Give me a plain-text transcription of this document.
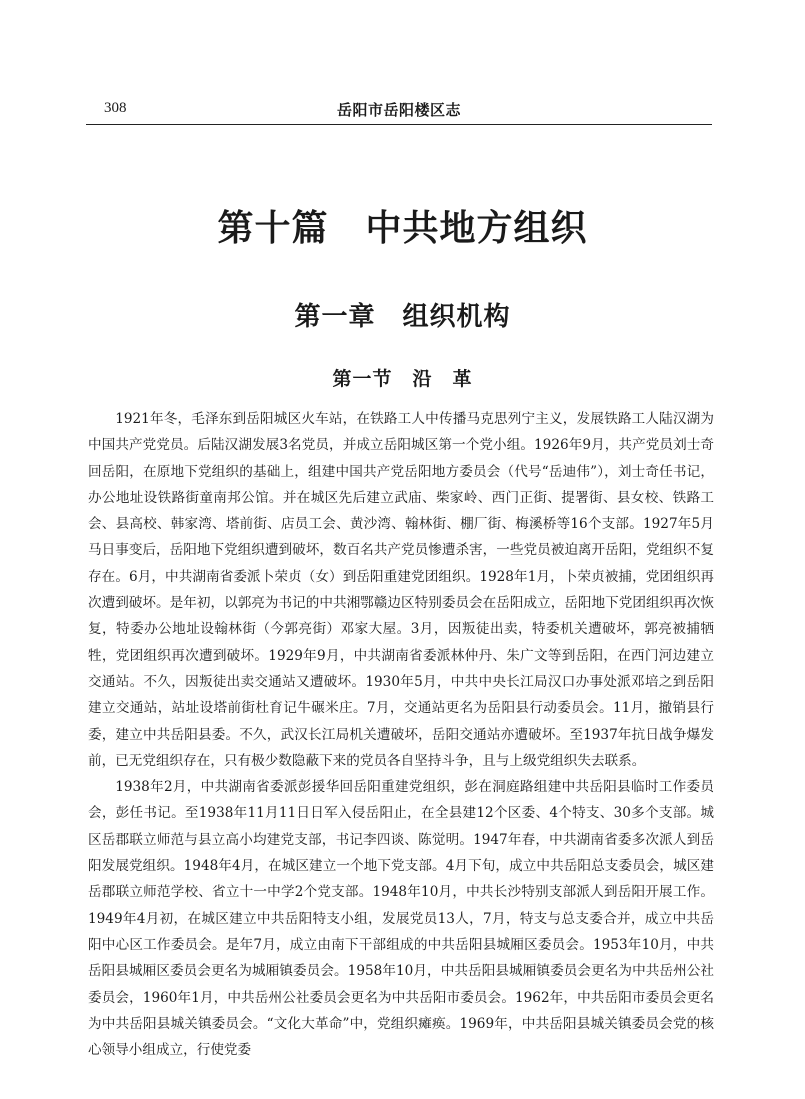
308	岳阳市岳阳楼区志
第十篇　中共地方组织
第一章　组织机构
第一节　沿　革

1921年冬，毛泽东到岳阳城区火车站，在铁路工人中传播马克思列宁主义，发展铁路工人陆汉湖为中国共产党党员。后陆汉湖发展3名党员，并成立岳阳城区第一个党小组。1926年9月，共产党员刘士奇回岳阳，在原地下党组织的基础上，组建中国共产党岳阳地方委员会（代号“岳迪伟”），刘士奇任书记，办公地址设铁路街童南邦公馆。并在城区先后建立武庙、柴家岭、西门正街、提署街、县女校、铁路工会、县高校、韩家湾、塔前街、店员工会、黄沙湾、翰林街、棚厂街、梅溪桥等16个支部。1927年5月马日事变后，岳阳地下党组织遭到破坏，数百名共产党员惨遭杀害，一些党员被迫离开岳阳，党组织不复存在。6月，中共湖南省委派卜荣贞（女）到岳阳重建党团组织。1928年1月，卜荣贞被捕，党团组织再次遭到破坏。是年初，以郭亮为书记的中共湘鄂赣边区特别委员会在岳阳成立，岳阳地下党团组织再次恢复，特委办公地址设翰林街（今郭亮街）邓家大屋。3月，因叛徒出卖，特委机关遭破坏，郭亮被捕牺牲，党团组织再次遭到破坏。1929年9月，中共湖南省委派林仲丹、朱广文等到岳阳，在西门河边建立交通站。不久，因叛徒出卖交通站又遭破坏。1930年5月，中共中央长江局汉口办事处派邓培之到岳阳建立交通站，站址设塔前街杜育记牛碾米庄。7月，交通站更名为岳阳县行动委员会。11月，撤销县行委，建立中共岳阳县委。不久，武汉长江局机关遭破坏，岳阳交通站亦遭破坏。至1937年抗日战争爆发前，已无党组织存在，只有极少数隐蔽下来的党员各自坚持斗争，且与上级党组织失去联系。

1938年2月，中共湖南省委派彭援华回岳阳重建党组织，彭在洞庭路组建中共岳阳县临时工作委员会，彭任书记。至1938年11月11日日军入侵岳阳止，在全县建12个区委、4个特支、30多个支部。城区岳郡联立师范与县立高小均建党支部，书记李四谈、陈觉明。1947年春，中共湖南省委多次派人到岳阳发展党组织。1948年4月，在城区建立一个地下党支部。4月下旬，成立中共岳阳总支委员会，城区建岳郡联立师范学校、省立十一中学2个党支部。1948年10月，中共长沙特别支部派人到岳阳开展工作。1949年4月初，在城区建立中共岳阳特支小组，发展党员13人，7月，特支与总支委合并，成立中共岳阳中心区工作委员会。是年7月，成立由南下干部组成的中共岳阳县城厢区委员会。1953年10月，中共岳阳县城厢区委员会更名为城厢镇委员会。1958年10月，中共岳阳县城厢镇委员会更名为中共岳州公社委员会，1960年1月，中共岳州公社委员会更名为中共岳阳市委员会。1962年，中共岳阳市委员会更名为中共岳阳县城关镇委员会。“文化大革命”中，党组织瘫痪。1969年，中共岳阳县城关镇委员会党的核心领导小组成立，行使党委
